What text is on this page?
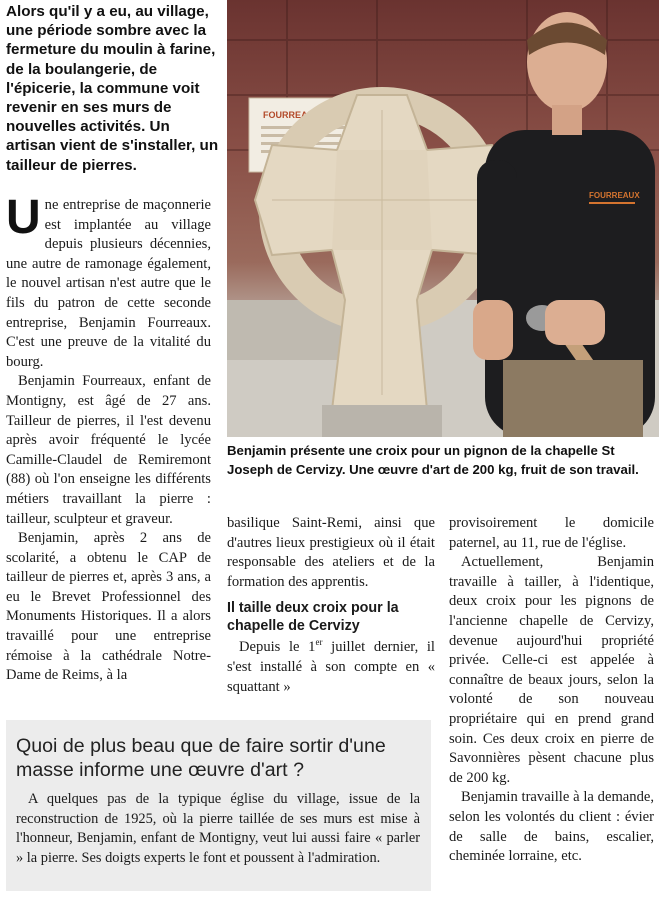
Alors qu'il y a eu, au village, une période sombre avec la fermeture du moulin à farine, de la boulangerie, de l'épicerie, la commune voit revenir en ses murs de nouvelles activités. Un artisan vient de s'installer, un tailleur de pierres.
FOURREAUX
FOURREAUX
Benjamin présente une croix pour un pignon de la chapelle St Joseph de Cervizy. Une œuvre d'art de 200 kg, fruit de son travail.

Une entreprise de maçonnerie est implantée au village depuis plusieurs décennies, une autre de ramonage également, le nouvel artisan n'est autre que le fils du patron de cette seconde entreprise, Benjamin Fourreaux. C'est une preuve de la vitalité du bourg.

Benjamin Fourreaux, enfant de Montigny, est âgé de 27 ans. Tailleur de pierres, il l'est devenu après avoir fréquenté le lycée Camille-Claudel de Remiremont (88) où l'on enseigne les différents métiers travaillant la pierre : tailleur, sculpteur et graveur.

Benjamin, après 2 ans de scolarité, a obtenu le CAP de tailleur de pierres et, après 3 ans, a eu le Brevet Professionnel des Monuments Historiques. Il a alors travaillé pour une entreprise rémoise à la cathédrale Notre-Dame de Reims, à la

basilique Saint-Remi, ainsi que d'autres lieux prestigieux où il était responsable des ateliers et de la formation des apprentis.

Il taille deux croix pour la chapelle de Cervizy

Depuis le 1er juillet dernier, il s'est installé à son compte en « squattant »

provisoirement le domicile paternel, au 11, rue de l'église.

Actuellement, Benjamin travaille à tailler, à l'identique, deux croix pour les pignons de l'ancienne chapelle de Cervizy, devenue aujourd'hui propriété privée. Celle-ci est appelée à connaître de beaux jours, selon la volonté de son nouveau propriétaire qui en prend grand soin. Ces deux croix en pierre de Savonnières pèsent chacune plus de 200 kg.

Benjamin travaille à la demande, selon les volontés du client : évier de salle de bains, escalier, cheminée lorraine, etc.

Quoi de plus beau que de faire sortir d'une masse informe une œuvre d'art ?

A quelques pas de la typique église du village, issue de la reconstruction de 1925, où la pierre taillée de ses murs est mise à l'honneur, Benjamin, enfant de Montigny, veut lui aussi faire « parler » la pierre. Ses doigts experts le font et poussent à l'admiration.
